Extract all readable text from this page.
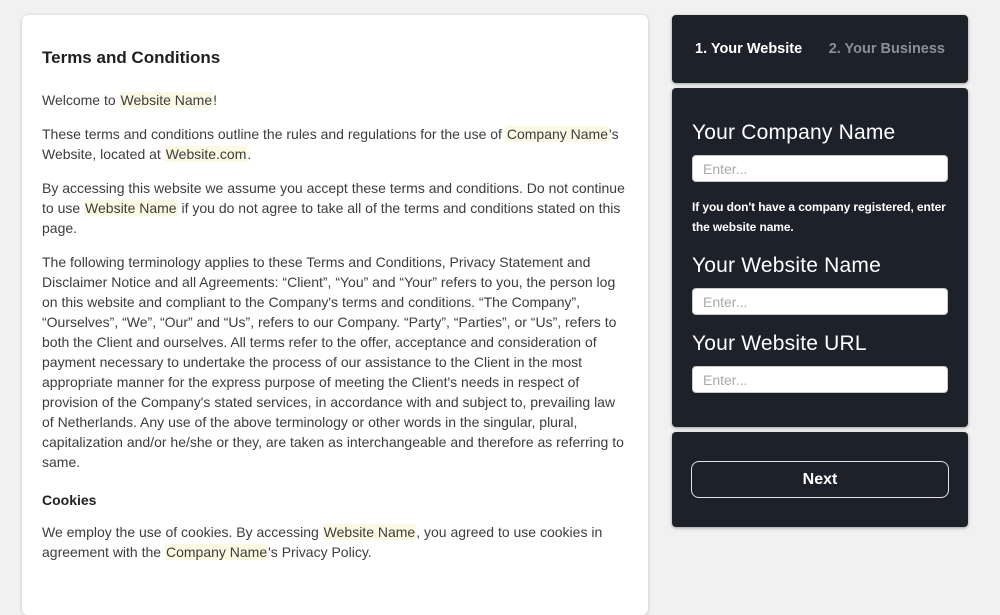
Terms and Conditions

Welcome to Website Name!

These terms and conditions outline the rules and regulations for the use of Company Name's Website, located at Website.com.

By accessing this website we assume you accept these terms and conditions. Do not continue to use Website Name if you do not agree to take all of the terms and conditions stated on this page.

The following terminology applies to these Terms and Conditions, Privacy Statement and Disclaimer Notice and all Agreements: “Client”, “You” and “Your” refers to you, the person log on this website and compliant to the Company's terms and conditions. “The Company”, “Ourselves”, “We”, “Our” and “Us”, refers to our Company. “Party”, “Parties”, or “Us”, refers to both the Client and ourselves. All terms refer to the offer, acceptance and consideration of payment necessary to undertake the process of our assistance to the Client in the most appropriate manner for the express purpose of meeting the Client's needs in respect of provision of the Company's stated services, in accordance with and subject to, prevailing law of Netherlands. Any use of the above terminology or other words in the singular, plural, capitalization and/or he/she or they, are taken as interchangeable and therefore as referring to same.

Cookies

We employ the use of cookies. By accessing Website Name, you agreed to use cookies in agreement with the Company Name's Privacy Policy.

1. Your Website 2. Your Business
Your Company Name
Enter...
If you don't have a company registered, enter the website name.
Your Website Name
Enter...
Your Website URL
Enter...
Next
